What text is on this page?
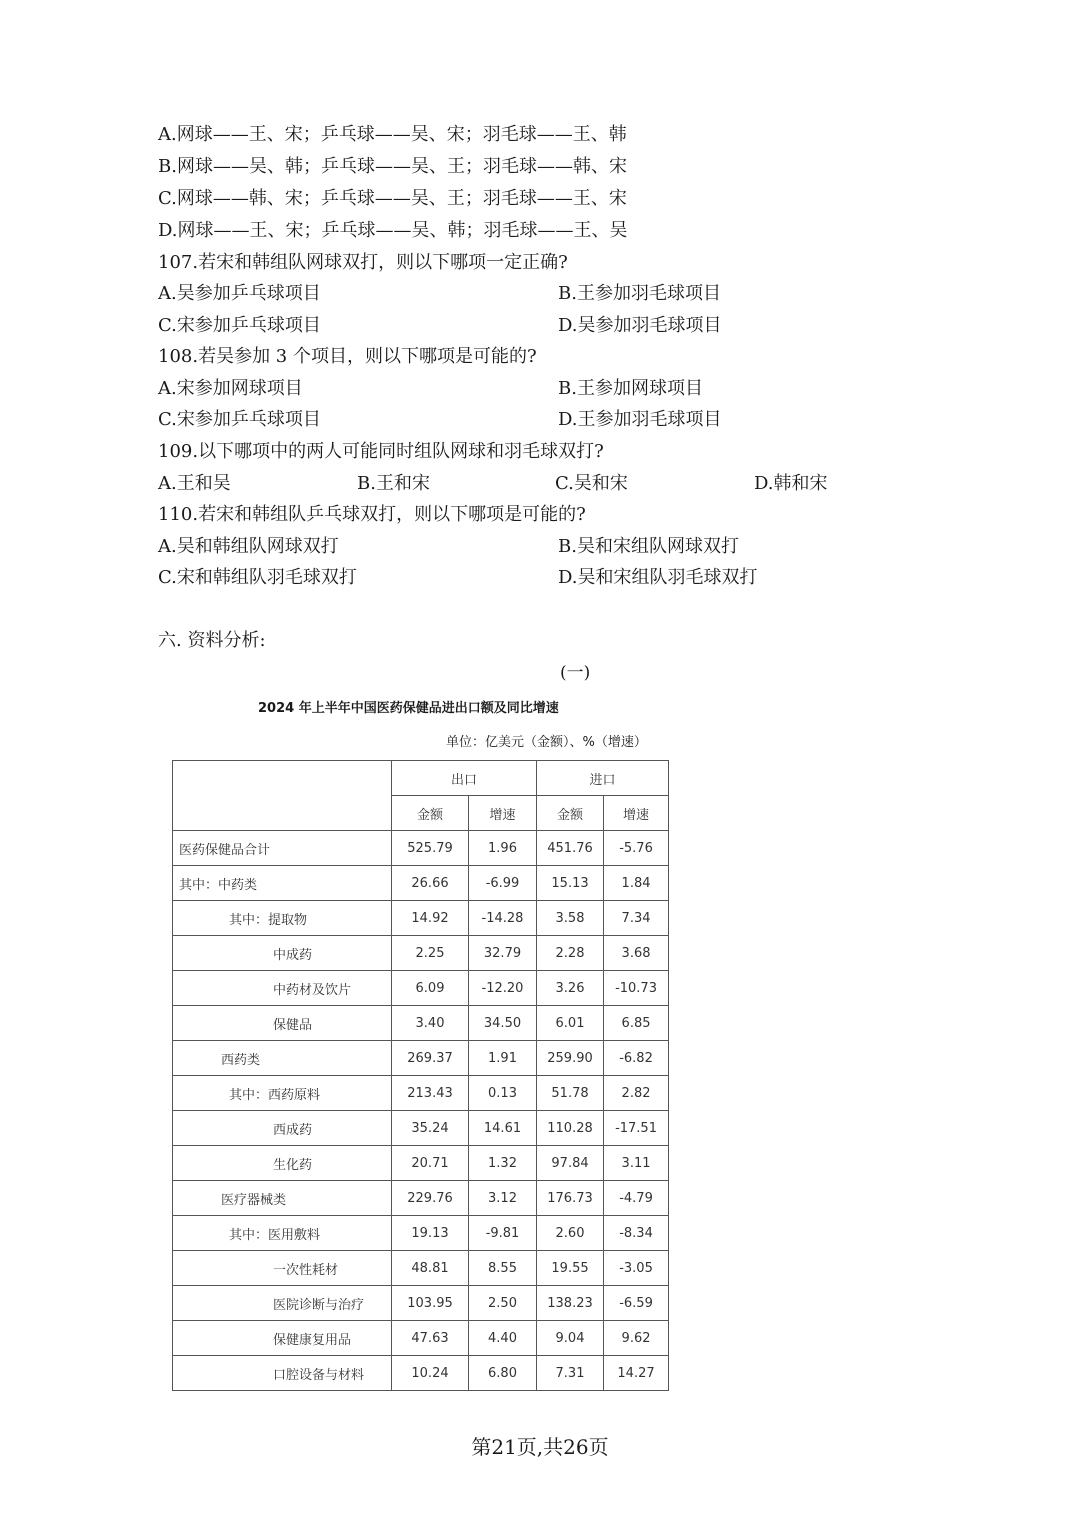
A.网球——王、宋；乒乓球——吴、宋；羽毛球——王、韩
B.网球——吴、韩；乒乓球——吴、王；羽毛球——韩、宋
C.网球——韩、宋；乒乓球——吴、王；羽毛球——王、宋
D.网球——王、宋；乒乓球——吴、韩；羽毛球——王、吴
107.若宋和韩组队网球双打，则以下哪项一定正确?
A.吴参加乒乓球项目	B.王参加羽毛球项目
C.宋参加乒乓球项目	D.吴参加羽毛球项目
108.若吴参加 3 个项目，则以下哪项是可能的?
A.宋参加网球项目	B.王参加网球项目
C.宋参加乒乓球项目	D.王参加羽毛球项目
109.以下哪项中的两人可能同时组队网球和羽毛球双打?
A.王和吴	B.王和宋	C.吴和宋	D.韩和宋
110.若宋和韩组队乒乓球双打，则以下哪项是可能的?
A.吴和韩组队网球双打	B.吴和宋组队网球双打
C.宋和韩组队羽毛球双打	D.吴和宋组队羽毛球双打
六. 资料分析:
(一)
2024 年上半年中国医药保健品进出口额及同比增速
单位：亿美元（金额）、%（增速）
	出口		进口	
	金额	增速	金额	增速
医药保健品合计	525.79	1.96	451.76	-5.76
其中：中药类	26.66	-6.99	15.13	1.84
其中：提取物	14.92	-14.28	3.58	7.34
中成药	2.25	32.79	2.28	3.68
中药材及饮片	6.09	-12.20	3.26	-10.73
保健品	3.40	34.50	6.01	6.85
西药类	269.37	1.91	259.90	-6.82
其中：西药原料	213.43	0.13	51.78	2.82
西成药	35.24	14.61	110.28	-17.51
生化药	20.71	1.32	97.84	3.11
医疗器械类	229.76	3.12	176.73	-4.79
其中：医用敷料	19.13	-9.81	2.60	-8.34
一次性耗材	48.81	8.55	19.55	-3.05
医院诊断与治疗	103.95	2.50	138.23	-6.59
保健康复用品	47.63	4.40	9.04	9.62
口腔设备与材料	10.24	6.80	7.31	14.27
第21页,共26页
